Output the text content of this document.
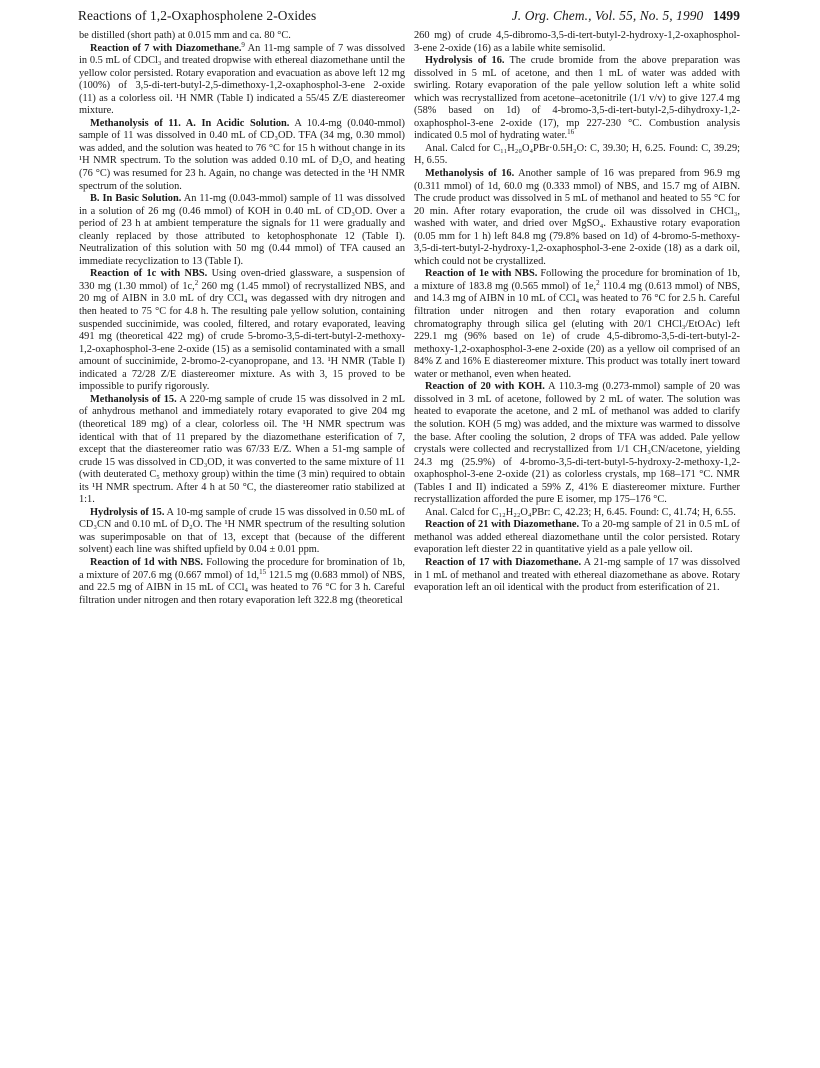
Reactions of 1,2-Oxaphospholene 2-Oxides	J. Org. Chem., Vol. 55, No. 5, 1990 1499

be distilled (short path) at 0.015 mm and ca. 80 °C.

Reaction of 7 with Diazomethane.$^9$ An 11-mg sample of 7 was dissolved in 0.5 mL of CDCl₃ and treated dropwise with ethereal diazomethane until the yellow color persisted. Rotary evaporation and evacuation as above left 12 mg (100%) of 3,5-di-tert-butyl-2,5-dimethoxy-1,2-oxaphosphol-3-ene 2-oxide (11) as a colorless oil. ¹H NMR (Table I) indicated a 55/45 Z/E diastereomer mixture.

Methanolysis of 11. A. In Acidic Solution. A 10.4-mg (0.040-mmol) sample of 11 was dissolved in 0.40 mL of CD₃OD. TFA (34 mg, 0.30 mmol) was added, and the solution was heated to 76 °C for 15 h without change in its ¹H NMR spectrum. To the solution was added 0.10 mL of D₂O, and heating (76 °C) was resumed for 23 h. Again, no change was detected in the ¹H NMR spectrum of the solution.

B. In Basic Solution. An 11-mg (0.043-mmol) sample of 11 was dissolved in a solution of 26 mg (0.46 mmol) of KOH in 0.40 mL of CD₃OD. Over a period of 23 h at ambient temperature the signals for 11 were gradually and cleanly replaced by those attributed to ketophosphonate 12 (Table I). Neutralization of this solution with 50 mg (0.44 mmol) of TFA caused an immediate recyclization to 13 (Table I).

Reaction of 1c with NBS. Using oven-dried glassware, a suspension of 330 mg (1.30 mmol) of 1c,$^2$ 260 mg (1.45 mmol) of recrystallized NBS, and 20 mg of AIBN in 3.0 mL of dry CCl₄ was degassed with dry nitrogen and then heated to 75 °C for 4.8 h. The resulting pale yellow solution, containing suspended succinimide, was cooled, filtered, and rotary evaporated, leaving 491 mg (theoretical 422 mg) of crude 5-bromo-3,5-di-tert-butyl-2-methoxy-1,2-oxaphosphol-3-ene 2-oxide (15) as a semisolid contaminated with a small amount of succinimide, 2-bromo-2-cyanopropane, and 13. ¹H NMR (Table I) indicated a 72/28 Z/E diastereomer mixture. As with 3, 15 proved to be impossible to purify rigorously.

Methanolysis of 15. A 220-mg sample of crude 15 was dissolved in 2 mL of anhydrous methanol and immediately rotary evaporated to give 204 mg (theoretical 189 mg) of a clear, colorless oil. The ¹H NMR spectrum was identical with that of 11 prepared by the diazomethane esterification of 7, except that the diastereomer ratio was 67/33 E/Z. When a 51-mg sample of crude 15 was dissolved in CD₃OD, it was converted to the same mixture of 11 (with deuterated C₅ methoxy group) within the time (3 min) required to obtain its ¹H NMR spectrum. After 4 h at 50 °C, the diastereomer ratio stabilized at 1:1.

Hydrolysis of 15. A 10-mg sample of crude 15 was dissolved in 0.50 mL of CD₃CN and 0.10 mL of D₂O. The ¹H NMR spectrum of the resulting solution was superimposable on that of 13, except that (because of the different solvent) each line was shifted upfield by 0.04 ± 0.01 ppm.

Reaction of 1d with NBS. Following the procedure for bromination of 1b, a mixture of 207.6 mg (0.667 mmol) of 1d,$^{15}$ 121.5 mg (0.683 mmol) of NBS, and 22.5 mg of AIBN in 15 mL of CCl₄ was heated to 76 °C for 3 h. Careful filtration under nitrogen and then rotary evaporation left 322.8 mg (theoretical

260 mg) of crude 4,5-dibromo-3,5-di-tert-butyl-2-hydroxy-1,2-oxaphosphol-3-ene 2-oxide (16) as a labile white semisolid.

Hydrolysis of 16. The crude bromide from the above preparation was dissolved in 5 mL of acetone, and then 1 mL of water was added with swirling. Rotary evaporation of the pale yellow solution left a white solid which was recrystallized from acetone–acetonitrile (1/1 v/v) to give 127.4 mg (58% based on 1d) of 4-bromo-3,5-di-tert-butyl-2,5-dihydroxy-1,2-oxaphosphol-3-ene 2-oxide (17), mp 227-230 °C. Combustion analysis indicated 0.5 mol of hydrating water.$^{16}$

Anal. Calcd for C₁₁H₂₀O₄PBr·0.5H₂O: C, 39.30; H, 6.25. Found: C, 39.29; H, 6.55.

Methanolysis of 16. Another sample of 16 was prepared from 96.9 mg (0.311 mmol) of 1d, 60.0 mg (0.333 mmol) of NBS, and 15.7 mg of AIBN. The crude product was dissolved in 5 mL of methanol and heated to 55 °C for 20 min. After rotary evaporation, the crude oil was dissolved in CHCl₃, washed with water, and dried over MgSO₄. Exhaustive rotary evaporation (0.05 mm for 1 h) left 84.8 mg (79.8% based on 1d) of 4-bromo-5-methoxy-3,5-di-tert-butyl-2-hydroxy-1,2-oxaphosphol-3-ene 2-oxide (18) as a dark oil, which could not be crystallized.

Reaction of 1e with NBS. Following the procedure for bromination of 1b, a mixture of 183.8 mg (0.565 mmol) of 1e,$^2$ 110.4 mg (0.613 mmol) of NBS, and 14.3 mg of AIBN in 10 mL of CCl₄ was heated to 76 °C for 2.5 h. Careful filtration under nitrogen and then rotary evaporation and column chromatography through silica gel (eluting with 20/1 CHCl₃/EtOAc) left 229.1 mg (96% based on 1e) of crude 4,5-dibromo-3,5-di-tert-butyl-2-methoxy-1,2-oxaphosphol-3-ene 2-oxide (20) as a yellow oil comprised of an 84% Z and 16% E diastereomer mixture. This product was totally inert toward water or methanol, even when heated.

Reaction of 20 with KOH. A 110.3-mg (0.273-mmol) sample of 20 was dissolved in 3 mL of acetone, followed by 2 mL of water. The solution was heated to evaporate the acetone, and 2 mL of methanol was added to clarify the solution. KOH (5 mg) was added, and the mixture was warmed to dissolve the base. After cooling the solution, 2 drops of TFA was added. Pale yellow crystals were collected and recrystallized from 1/1 CH₃CN/acetone, yielding 24.3 mg (25.9%) of 4-bromo-3,5-di-tert-butyl-5-hydroxy-2-methoxy-1,2-oxaphosphol-3-ene 2-oxide (21) as colorless crystals, mp 168–171 °C. NMR (Tables I and II) indicated a 59% Z, 41% E diastereomer mixture. Further recrystallization afforded the pure E isomer, mp 175–176 °C.

Anal. Calcd for C₁₂H₂₂O₄PBr: C, 42.23; H, 6.45. Found: C, 41.74; H, 6.55.

Reaction of 21 with Diazomethane. To a 20-mg sample of 21 in 0.5 mL of methanol was added ethereal diazomethane until the color persisted. Rotary evaporation left diester 22 in quantitative yield as a pale yellow oil.

Reaction of 17 with Diazomethane. A 21-mg sample of 17 was dissolved in 1 mL of methanol and treated with ethereal diazomethane as above. Rotary evaporation left an oil identical with the product from esterification of 21.
